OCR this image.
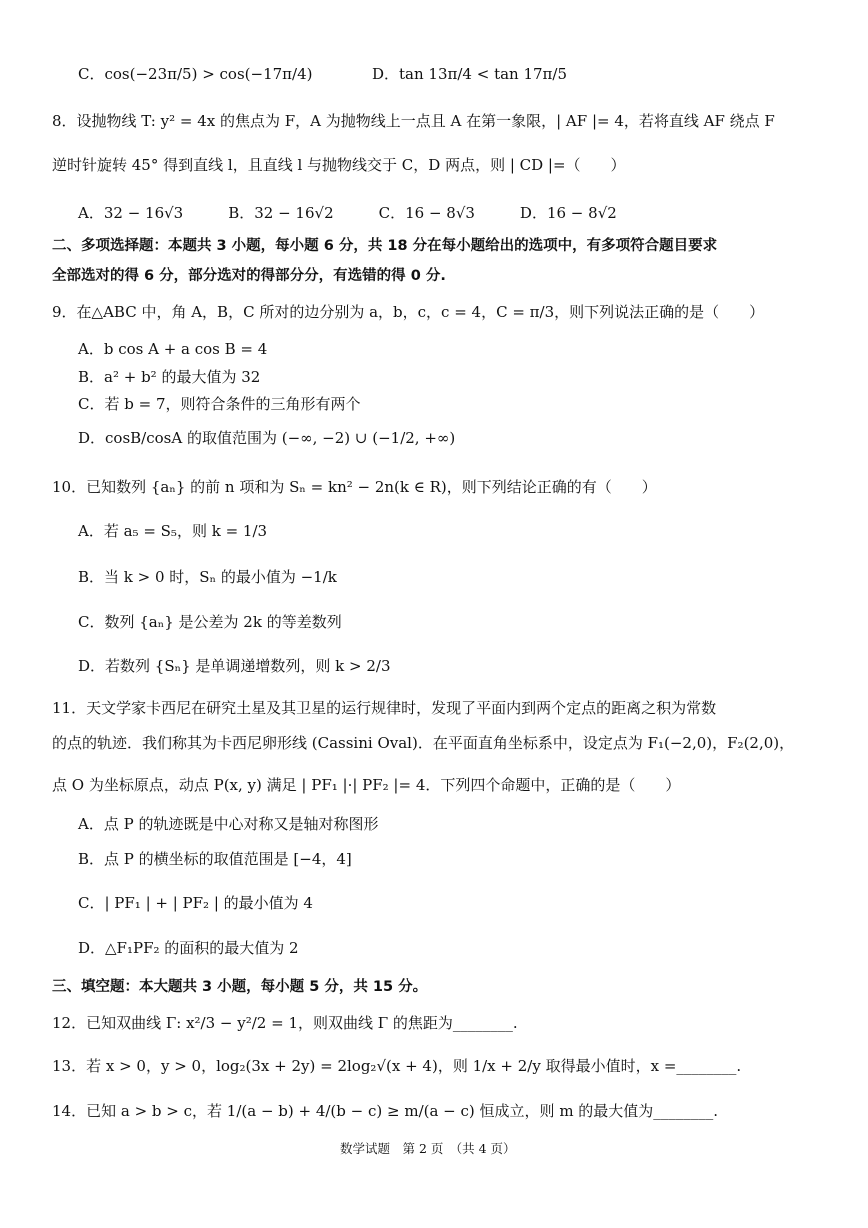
C．cos(−23π/5) > cos(−17π/4)	D．tan 13π/4 < tan 17π/5
8．设抛物线 T: y² = 4x 的焦点为 F，A 为抛物线上一点且 A 在第一象限，| AF |= 4，若将直线 AF 绕点 F
逆时针旋转 45° 得到直线 l，且直线 l 与抛物线交于 C，D 两点，则 | CD |=（　　）
A．32 − 16√3　　　B．32 − 16√2　　　C．16 − 8√3　　　D．16 − 8√2
二、多项选择题：本题共 3 小题，每小题 6 分，共 18 分在每小题给出的选项中，有多项符合题目要求
全部选对的得 6 分，部分选对的得部分分，有选错的得 0 分.
9．在△ABC 中，角 A，B，C 所对的边分别为 a，b，c，c = 4，C = π/3，则下列说法正确的是（　　）
A．b cos A + a cos B = 4
B．a² + b² 的最大值为 32
C．若 b = 7，则符合条件的三角形有两个
D．cosB/cosA 的取值范围为 (−∞, −2) ∪ (−1/2, +∞)
10．已知数列 {aₙ} 的前 n 项和为 Sₙ = kn² − 2n(k ∈ R)，则下列结论正确的有（　　）
A．若 a₅ = S₅，则 k = 1/3
B．当 k > 0 时，Sₙ 的最小值为 −1/k
C．数列 {aₙ} 是公差为 2k 的等差数列
D．若数列 {Sₙ} 是单调递增数列，则 k > 2/3
11．天文学家卡西尼在研究土星及其卫星的运行规律时，发现了平面内到两个定点的距离之积为常数
的点的轨迹．我们称其为卡西尼卵形线 (Cassini Oval)．在平面直角坐标系中，设定点为 F₁(−2,0)，F₂(2,0)，
点 O 为坐标原点，动点 P(x, y) 满足 | PF₁ |·| PF₂ |= 4．下列四个命题中，正确的是（　　）
A．点 P 的轨迹既是中心对称又是轴对称图形
B．点 P 的横坐标的取值范围是 [−4，4]
C．| PF₁ | + | PF₂ | 的最小值为 4
D．△F₁PF₂ 的面积的最大值为 2
三、填空题：本大题共 3 小题，每小题 5 分，共 15 分。
12．已知双曲线 Γ: x²/3 − y²/2 = 1，则双曲线 Γ 的焦距为________.
13．若 x > 0，y > 0，log₂(3x + 2y) = 2log₂√(x + 4)，则 1/x + 2/y 取得最小值时，x =________.
14．已知 a > b > c，若 1/(a − b) + 4/(b − c) ≥ m/(a − c) 恒成立，则 m 的最大值为________.
数学试题　第 2 页　（共 4 页）
